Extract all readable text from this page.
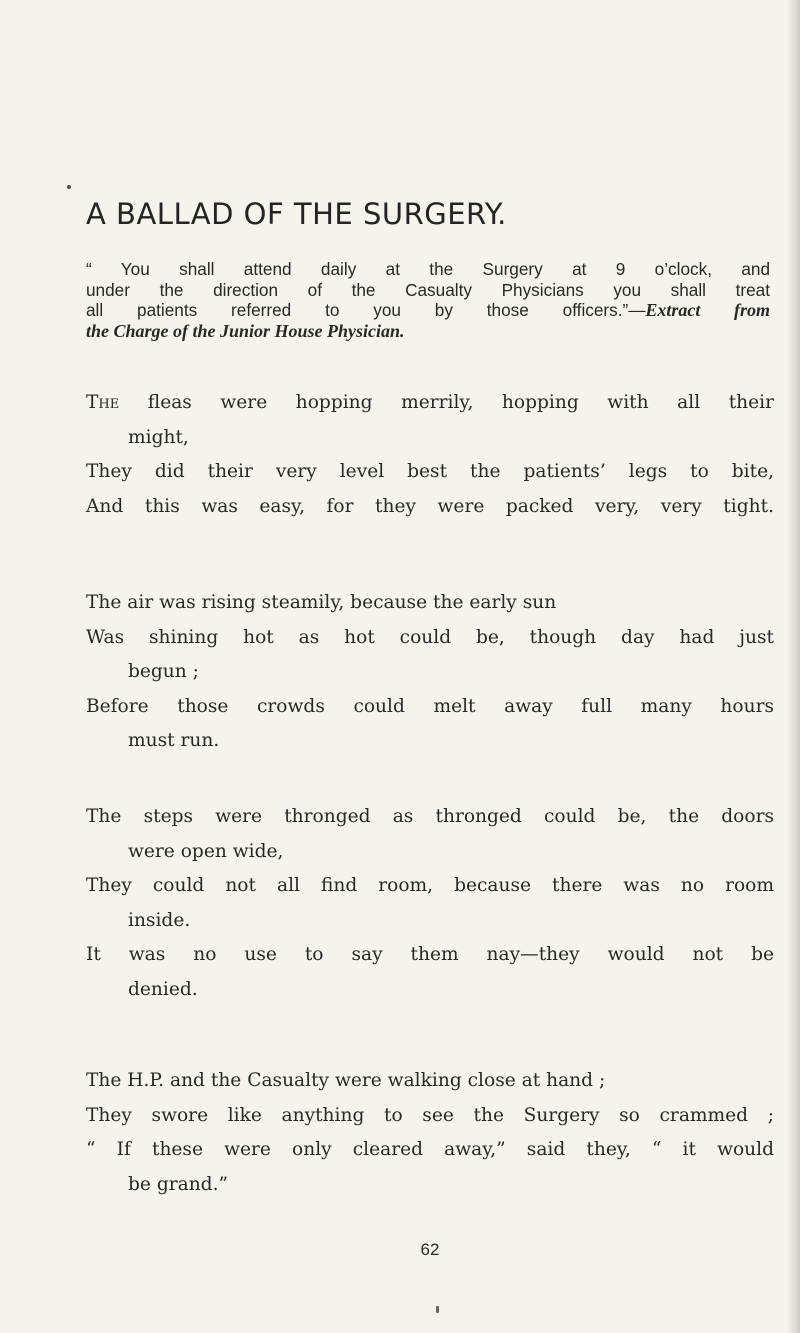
A BALLAD OF THE SURGERY.
“ You shall attend daily at the Surgery at 9 o’clock, and
under the direction of the Casualty Physicians you shall treat
all patients referred to you by those officers.”—Extract from
the Charge of the Junior House Physician.
The fleas were hopping merrily, hopping with all their
might,
They did their very level best the patients’ legs to bite,
And this was easy, for they were packed very, very tight.
The air was rising steamily, because the early sun
Was shining hot as hot could be, though day had just
begun ;
Before those crowds could melt away full many hours
must run.
The steps were thronged as thronged could be, the doors
were open wide,
They could not all find room, because there was no room
inside.
It was no use to say them nay—they would not be
denied.
The H.P. and the Casualty were walking close at hand ;
They swore like anything to see the Surgery so crammed ;
“ If these were only cleared away,” said they, “ it would
be grand.”
62
